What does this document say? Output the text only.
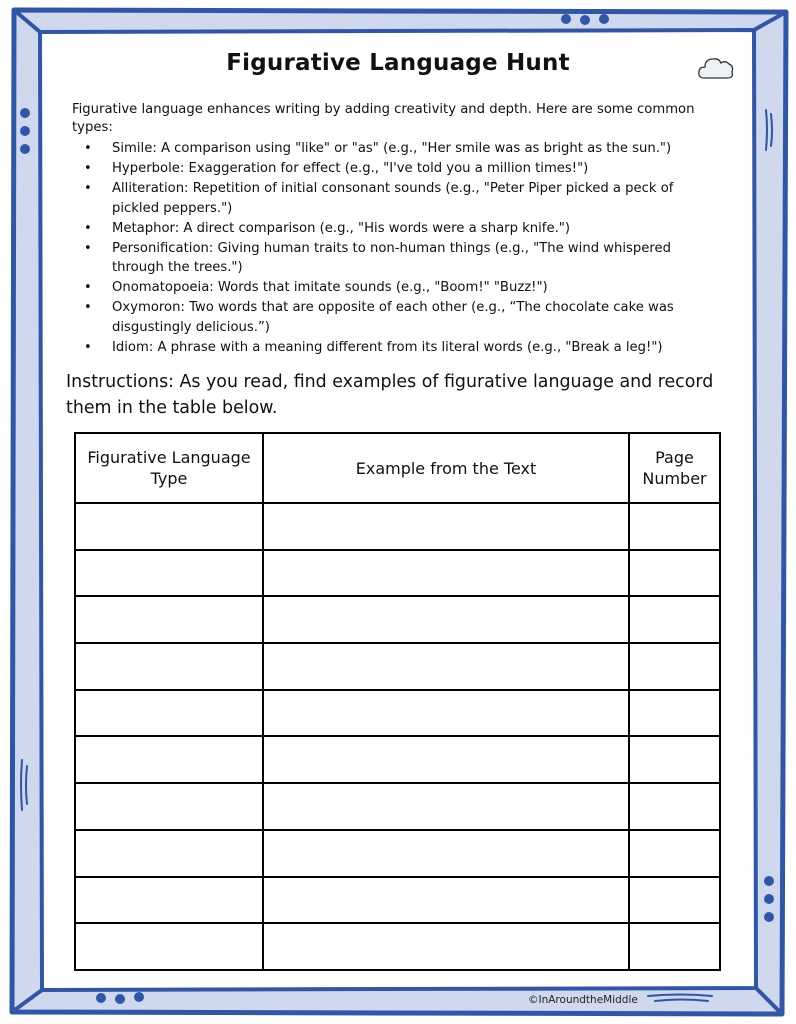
Figurative Language Hunt
Figurative language enhances writing by adding creativity and depth. Here are some common types:
• Simile: A comparison using "like" or "as" (e.g., "Her smile was as bright as the sun.")
• Hyperbole: Exaggeration for effect (e.g., "I've told you a million times!")
• Alliteration: Repetition of initial consonant sounds (e.g., "Peter Piper picked a peck of pickled peppers.")
• Metaphor: A direct comparison (e.g., "His words were a sharp knife.")
• Personification: Giving human traits to non-human things (e.g., "The wind whispered through the trees.")
• Onomatopoeia: Words that imitate sounds (e.g., "Boom!" "Buzz!")
• Oxymoron: Two words that are opposite of each other (e.g., “The chocolate cake was disgustingly delicious.”)
• Idiom: A phrase with a meaning different from its literal words (e.g., "Break a leg!")
Instructions: As you read, find examples of figurative language and record them in the table below.
Figurative Language Type	Example from the Text	Page Number

©InAroundtheMiddle
